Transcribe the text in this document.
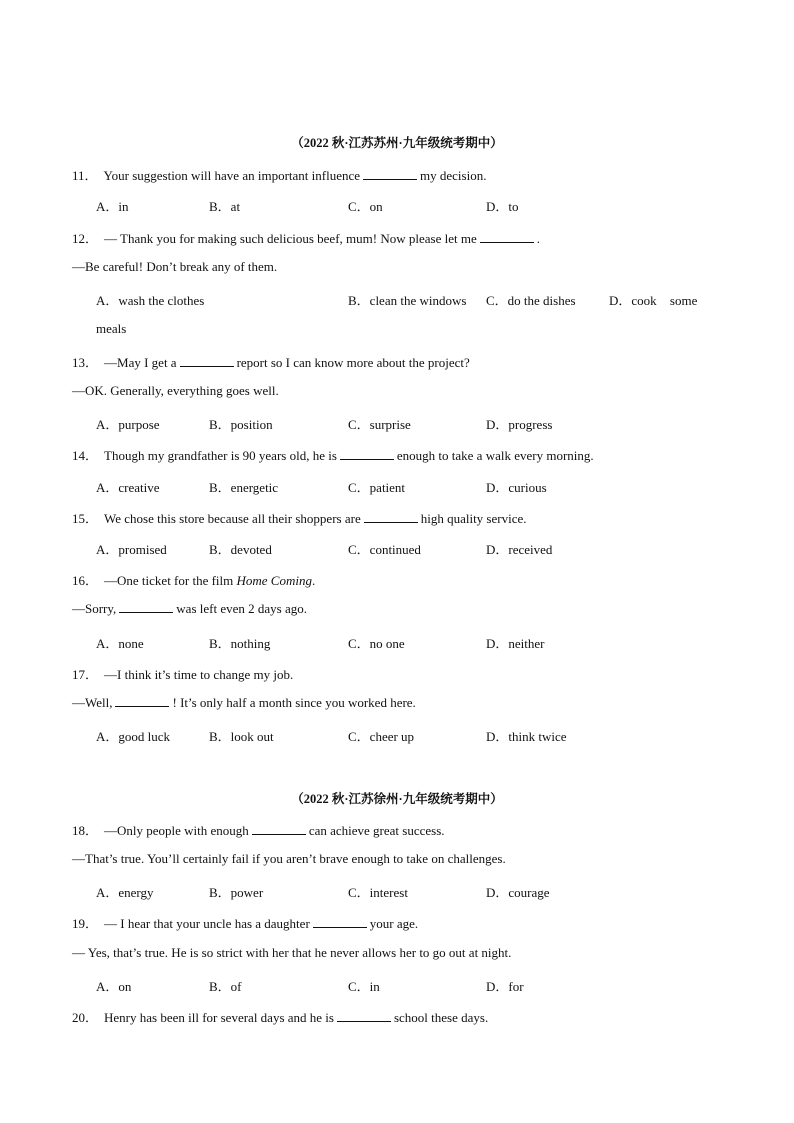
（2022 秋·江苏苏州·九年级统考期中）
11． Your suggestion will have an important influence	my decision.
A．in	B．at	C．on	D．to
12． — Thank you for making such delicious beef, mum! Now please let me	.
—Be careful! Don’t break any of them.
A．wash the clothes	B．clean the windows C．do the dishes	D．cook some
meals
13． —May I get a	report so I can know more about the project?
—OK. Generally, everything goes well.
A．purpose	B．position	C．surprise	D．progress
14． Though my grandfather is 90 years old, he is	enough to take a walk every morning.
A．creative	B．energetic	C．patient	D．curious
15． We chose this store because all their shoppers are	high quality service.
A．promised	B．devoted	C．continued	D．received
16． —One ticket for the film Home Coming.
—Sorry,	was left even 2 days ago.
A．none	B．nothing	C．no one	D．neither
17． —I think it’s time to change my job.
—Well,	! It’s only half a month since you worked here.
A．good luck	B．look out	C．cheer up	D．think twice
（2022 秋·江苏徐州·九年级统考期中）
18． —Only people with enough	can achieve great success.
—That’s true. You’ll certainly fail if you aren’t brave enough to take on challenges.
A．energy	B．power	C．interest	D．courage
19． — I hear that your uncle has a daughter	your age.
— Yes, that’s true. He is so strict with her that he never allows her to go out at night.
A．on	B．of	C．in	D．for
20． Henry has been ill for several days and he is	school these days.
